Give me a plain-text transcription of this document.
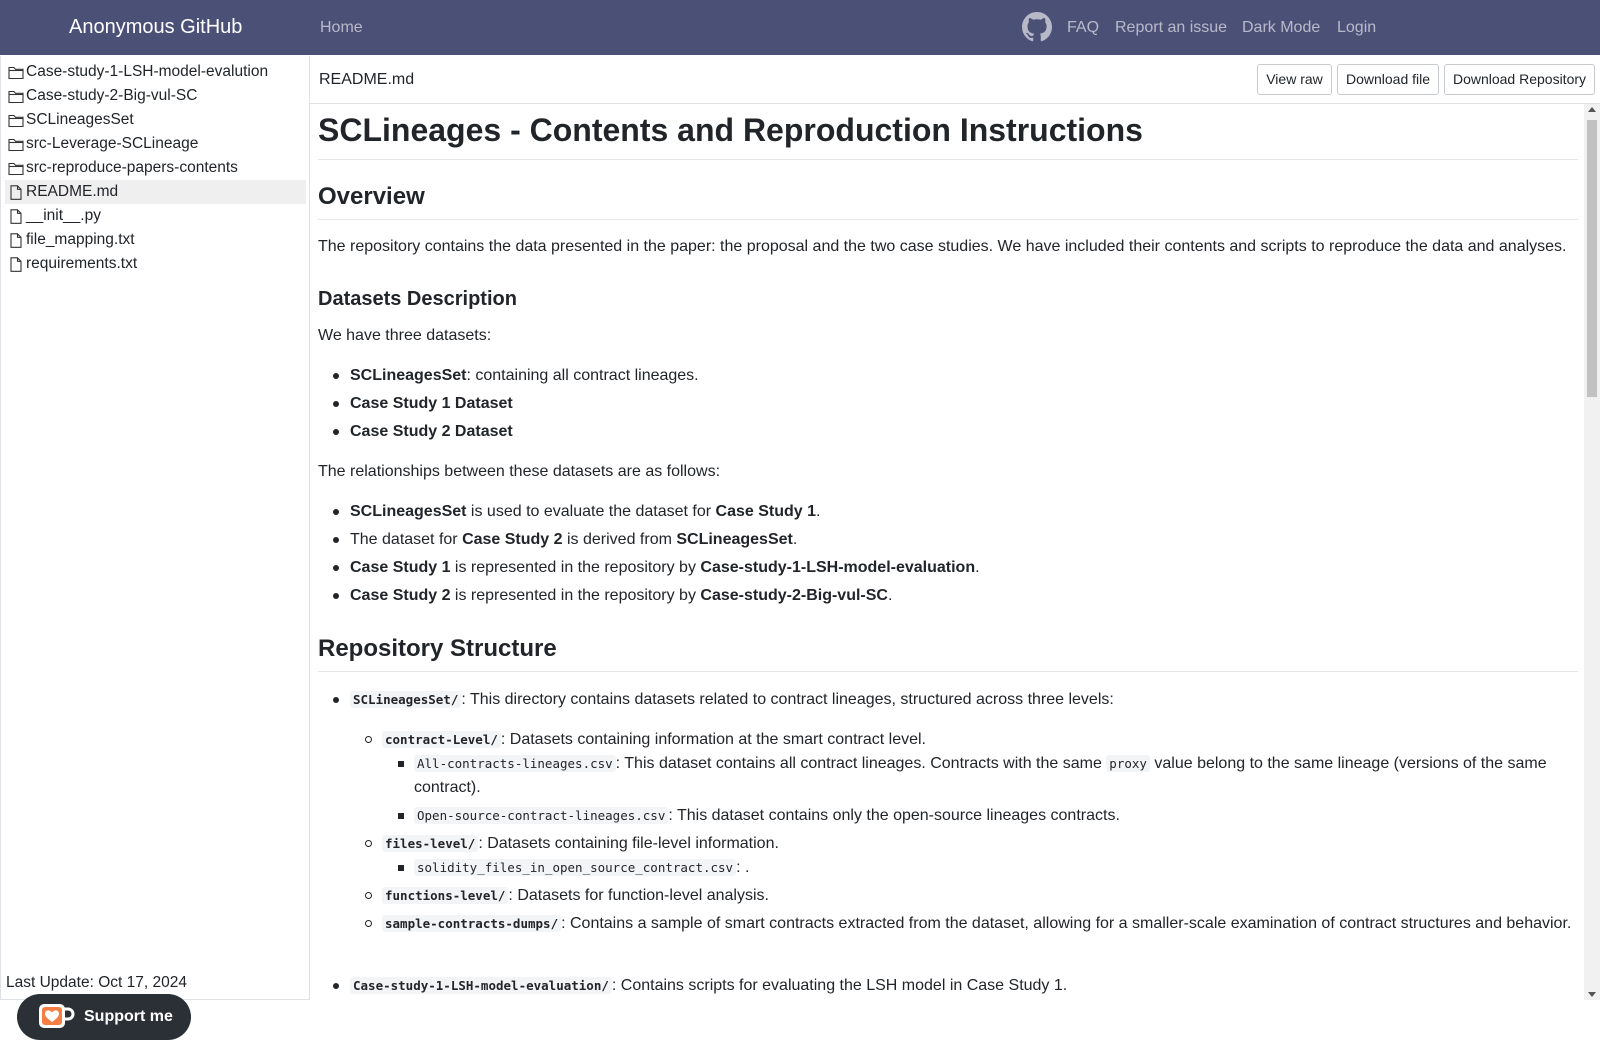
Anonymous GitHub	Home	FAQ Report an issue Dark Mode Login
Case-study-1-LSH-model-evalution
Case-study-2-Big-vul-SC
SCLineagesSet
src-Leverage-SCLineage
src-reproduce-papers-contents
README.md
__init__.py
file_mapping.txt
requirements.txt
Last Update: Oct 17, 2024
Support me
README.md	View raw	Download file	Download Repository
SCLineages - Contents and Reproduction Instructions
Overview

The repository contains the data presented in the paper: the proposal and the two case studies. We have included their contents and scripts to reproduce the data and analyses.

Datasets Description

We have three datasets:

SCLineagesSet: containing all contract lineages.
Case Study 1 Dataset
Case Study 2 Dataset

The relationships between these datasets are as follows:

SCLineagesSet is used to evaluate the dataset for Case Study 1.
The dataset for Case Study 2 is derived from SCLineagesSet.
Case Study 1 is represented in the repository by Case-study-1-LSH-model-evaluation.
Case Study 2 is represented in the repository by Case-study-2-Big-vul-SC.
Repository Structure
SCLineagesSet/ : This directory contains datasets related to contract lineages, structured across three levels:
contract-Level/ : Datasets containing information at the smart contract level.
All-contracts-lineages.csv : This dataset contains all contract lineages. Contracts with the same proxy value belong to the same lineage (versions of the same contract).
Open-source-contract-lineages.csv : This dataset contains only the open-source lineages contracts.
files-level/ : Datasets containing file-level information.
solidity_files_in_open_source_contract.csv : .
functions-level/ : Datasets for function-level analysis.
sample-contracts-dumps/ : Contains a sample of smart contracts extracted from the dataset, allowing for a smaller-scale examination of contract structures and behavior.
Case-study-1-LSH-model-evaluation/ : Contains scripts for evaluating the LSH model in Case Study 1.
